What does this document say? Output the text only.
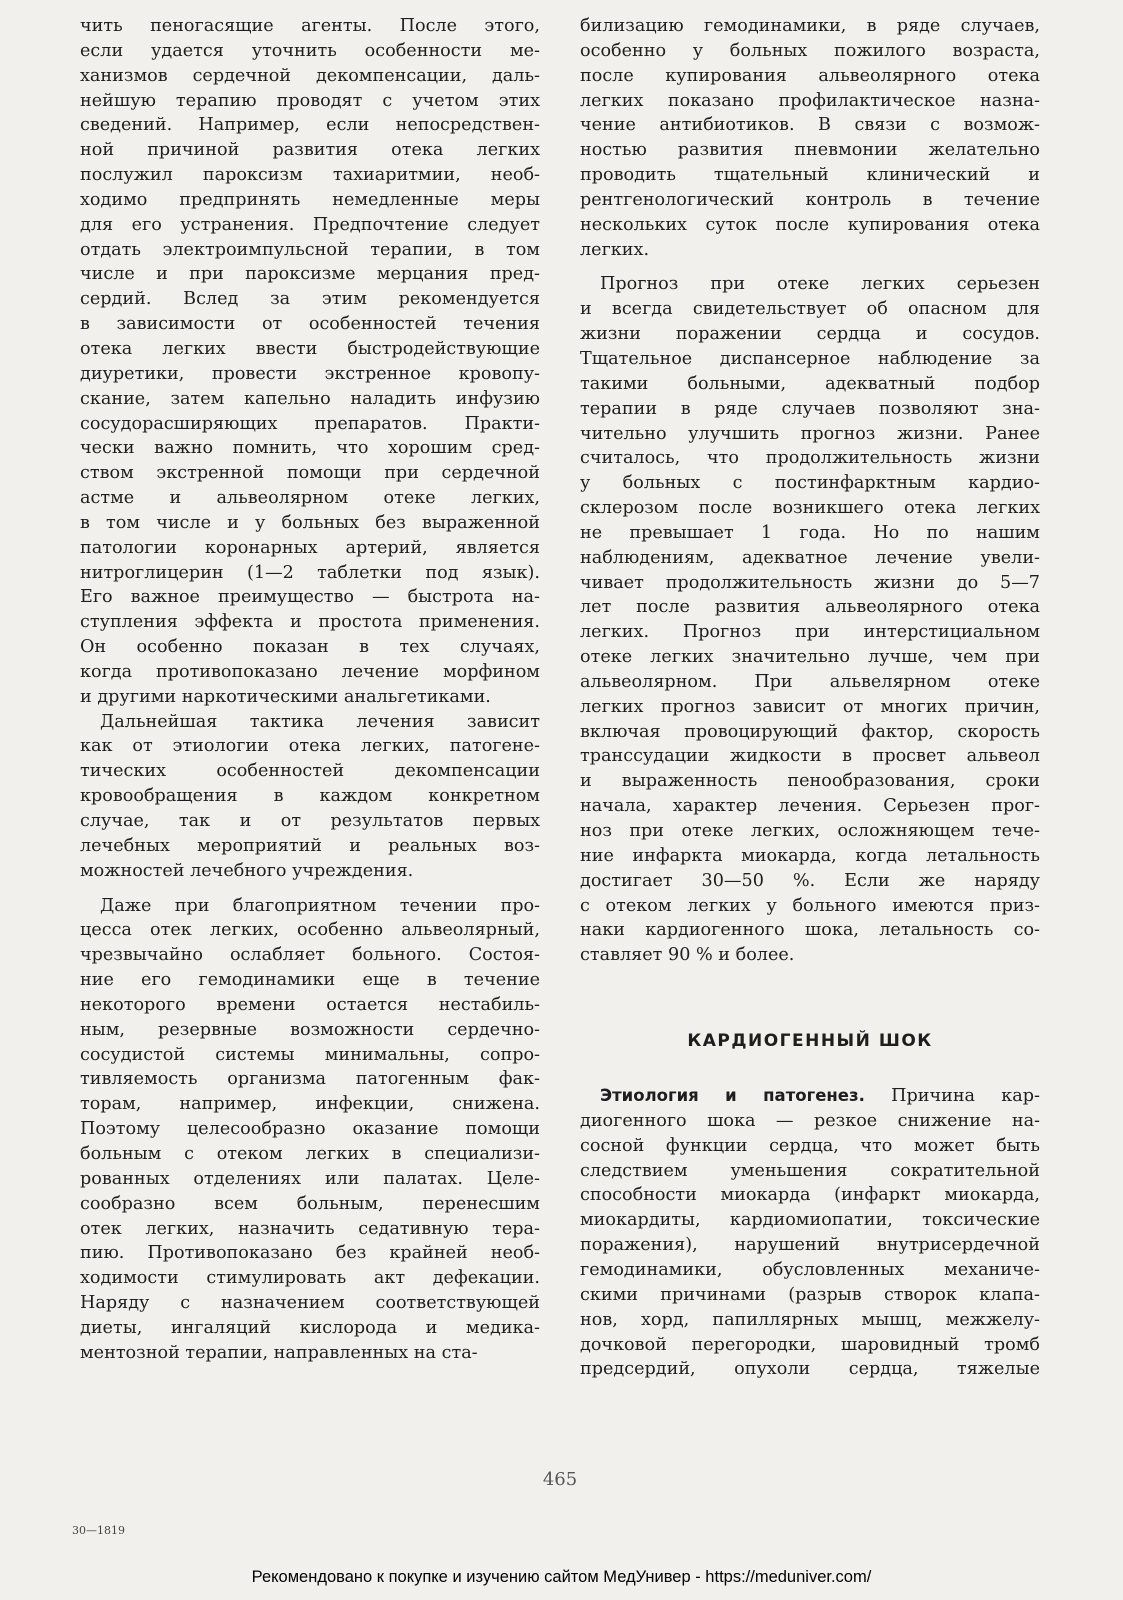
чить пеногасящие агенты. После этого,
если удается уточнить особенности ме-
ханизмов сердечной декомпенсации, даль-
нейшую терапию проводят с учетом этих
сведений. Например, если непосредствен-
ной причиной развития отека легких
послужил пароксизм тахиаритмии, необ-
ходимо предпринять немедленные меры
для его устранения. Предпочтение следует
отдать электроимпульсной терапии, в том
числе и при пароксизме мерцания пред-
сердий. Вслед за этим рекомендуется
в зависимости от особенностей течения
отека легких ввести быстродействующие
диуретики, провести экстренное кровопу-
скание, затем капельно наладить инфузию
сосудорасширяющих препаратов. Практи-
чески важно помнить, что хорошим сред-
ством экстренной помощи при сердечной
астме и альвеолярном отеке легких,
в том числе и у больных без выраженной
патологии коронарных артерий, является
нитроглицерин (1—2 таблетки под язык).
Его важное преимущество — быстрота на-
ступления эффекта и простота применения.
Он особенно показан в тех случаях,
когда противопоказано лечение морфином
и другими наркотическими анальгетиками.
Дальнейшая тактика лечения зависит
как от этиологии отека легких, патогене-
тических особенностей декомпенсации
кровообращения в каждом конкретном
случае, так и от результатов первых
лечебных мероприятий и реальных воз-
можностей лечебного учреждения.
Даже при благоприятном течении про-
цесса отек легких, особенно альвеолярный,
чрезвычайно ослабляет больного. Состоя-
ние его гемодинамики еще в течение
некоторого времени остается нестабиль-
ным, резервные возможности сердечно-
сосудистой системы минимальны, сопро-
тивляемость организма патогенным фак-
торам, например, инфекции, снижена.
Поэтому целесообразно оказание помощи
больным с отеком легких в специализи-
рованных отделениях или палатах. Целе-
сообразно всем больным, перенесшим
отек легких, назначить седативную тера-
пию. Противопоказано без крайней необ-
ходимости стимулировать акт дефекации.
Наряду с назначением соответствующей
диеты, ингаляций кислорода и медика-
ментозной терапии, направленных на ста-
билизацию гемодинамики, в ряде случаев,
особенно у больных пожилого возраста,
после купирования альвеолярного отека
легких показано профилактическое назна-
чение антибиотиков. В связи с возмож-
ностью развития пневмонии желательно
проводить тщательный клинический и
рентгенологический контроль в течение
нескольких суток после купирования отека
легких.
Прогноз при отеке легких серьезен
и всегда свидетельствует об опасном для
жизни поражении сердца и сосудов.
Тщательное диспансерное наблюдение за
такими больными, адекватный подбор
терапии в ряде случаев позволяют зна-
чительно улучшить прогноз жизни. Ранее
считалось, что продолжительность жизни
у больных с постинфарктным кардио-
склерозом после возникшего отека легких
не превышает 1 года. Но по нашим
наблюдениям, адекватное лечение увели-
чивает продолжительность жизни до 5—7
лет после развития альвеолярного отека
легких. Прогноз при интерстициальном
отеке легких значительно лучше, чем при
альвеолярном. При альвелярном отеке
легких прогноз зависит от многих причин,
включая провоцирующий фактор, скорость
транссудации жидкости в просвет альвеол
и выраженность пенообразования, сроки
начала, характер лечения. Серьезен прог-
ноз при отеке легких, осложняющем тече-
ние инфаркта миокарда, когда летальность
достигает 30—50 %. Если же наряду
с отеком легких у больного имеются приз-
наки кардиогенного шока, летальность со-
ставляет 90 % и более.
КАРДИОГЕННЫЙ ШОК
Этиология и патогенез. Причина кар-
диогенного шока — резкое снижение на-
сосной функции сердца, что может быть
следствием уменьшения сократительной
способности миокарда (инфаркт миокарда,
миокардиты, кардиомиопатии, токсические
поражения), нарушений внутрисердечной
гемодинамики, обусловленных механиче-
скими причинами (разрыв створок клапа-
нов, хорд, папиллярных мышц, межжелу-
дочковой перегородки, шаровидный тромб
предсердий, опухоли сердца, тяжелые
465
30—1819
Рекомендовано к покупке и изучению сайтом МедУнивер - https://meduniver.com/
